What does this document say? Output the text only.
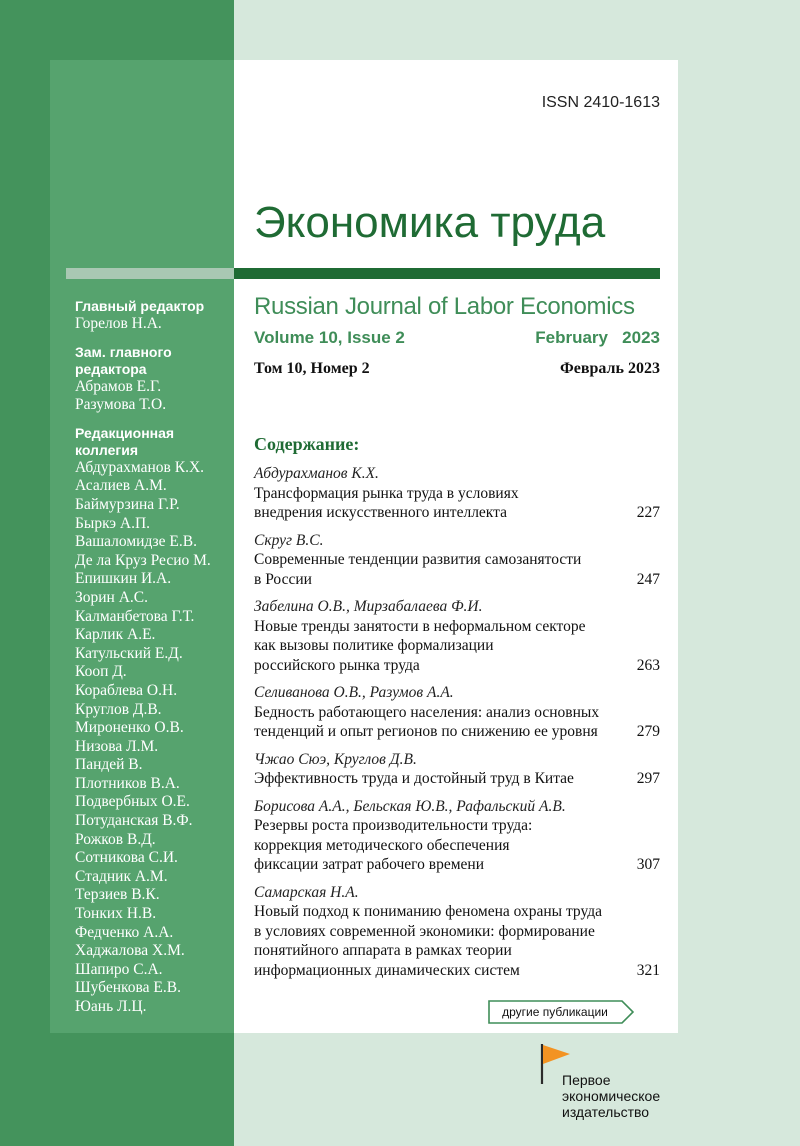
ISSN 2410-1613
Экономика труда
Russian Journal of Labor Economics
Volume 10, Issue 2	February   2023
Том 10, Номер 2	Февраль 2023
Содержание:
Абдурахманов К.Х.
Трансформация рынка труда в условиях
внедрения искусственного интеллекта	227
Скруг В.С.
Современные тенденции развития самозанятости
в России	247
Забелина О.В., Мирзабалаева Ф.И.
Новые тренды занятости в неформальном секторе
как вызовы политике формализации
российского рынка труда	263
Селиванова О.В., Разумов А.А.
Бедность работающего населения: анализ основных
тенденций и опыт регионов по снижению ее уровня	279
Чжао Сюэ, Круглов Д.В.
Эффективность труда и достойный труд в Китае	297
Борисова А.А., Бельская Ю.В., Рафальский А.В.
Резервы роста производительности труда:
коррекция методического обеспечения
фиксации затрат рабочего времени	307
Самарская Н.А.
Новый подход к пониманию феномена охраны труда
в условиях современной экономики: формирование
понятийного аппарата в рамках теории
информационных динамических систем	321
другие публикации
Главный редактор
Горелов Н.А.
Зам. главного
редактора
Абрамов Е.Г.
Разумова Т.О.
Редакционная
коллегия
Абдурахманов К.Х.
Асалиев А.М.
Баймурзина Г.Р.
Быркэ А.П.
Вашаломидзе Е.В.
Де ла Круз Ресио М.
Епишкин И.А.
Зорин А.С.
Калманбетова Г.Т.
Карлик А.Е.
Катульский Е.Д.
Кооп Д.
Кораблева О.Н.
Круглов Д.В.
Мироненко О.В.
Низова Л.М.
Пандей В.
Плотников В.А.
Подвербных О.Е.
Потуданская В.Ф.
Рожков В.Д.
Сотникова С.И.
Стадник А.М.
Терзиев В.К.
Тонких Н.В.
Федченко А.А.
Хаджалова Х.М.
Шапиро С.А.
Шубенкова Е.В.
Юань Л.Ц.
Первое
экономическое
издательство
